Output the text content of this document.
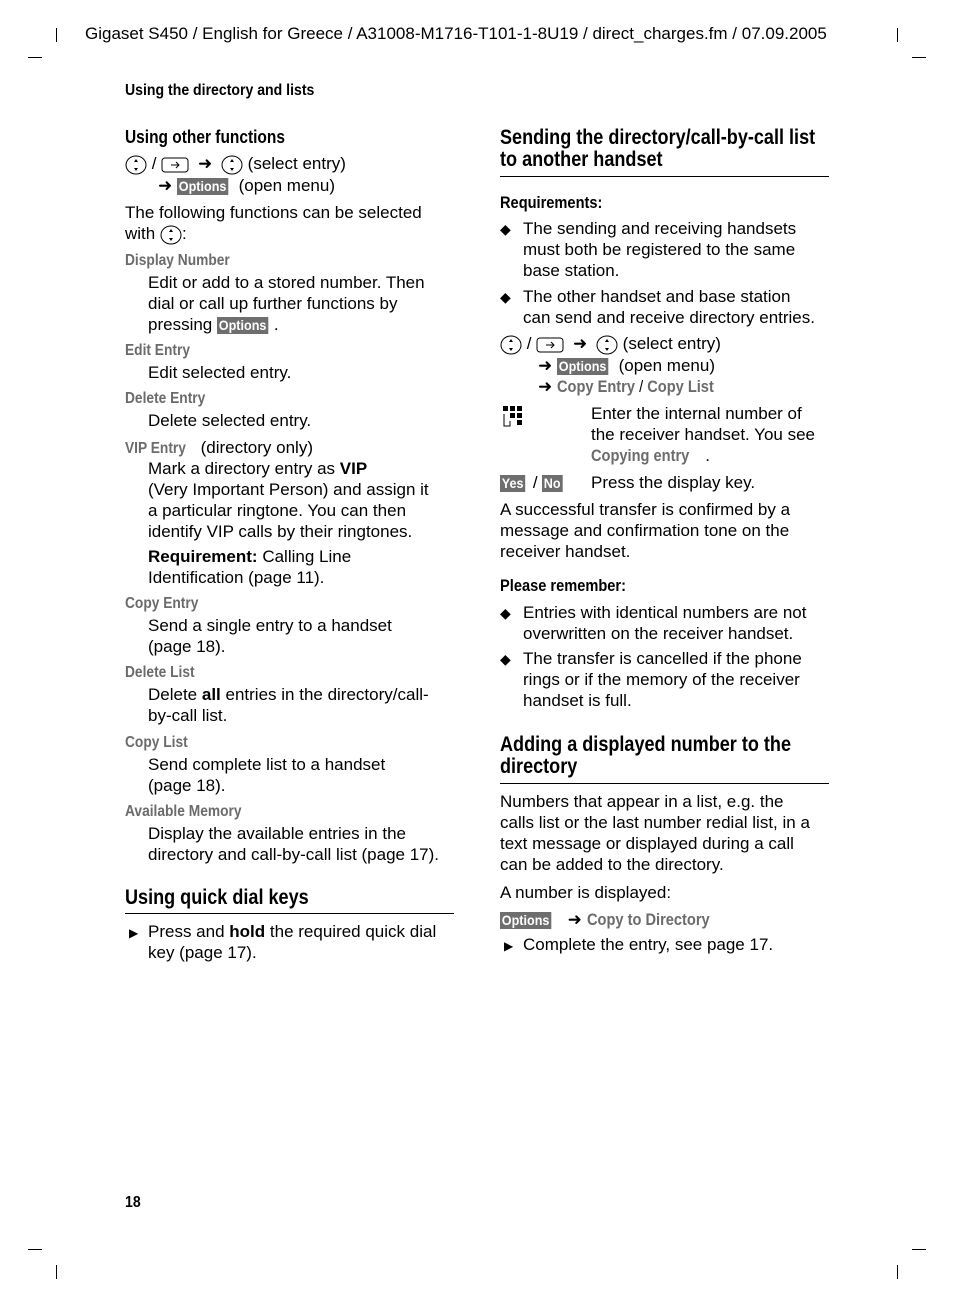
Gigaset S450 / English for Greece / A31008-M1716-T101-1-8U19 / direct_charges.fm / 07.09.2005
Using the directory and lists
Using other functions
/ ➜ (select entry)
➜ Options (open menu)
The following functions can be selected
with :
Display Number
Edit or add to a stored number. Then
dial or call up further functions by
pressing Options .
Edit Entry
Edit selected entry.
Delete Entry
Delete selected entry.
VIP Entry (directory only)
Mark a directory entry as VIP
(Very Important Person) and assign it
a particular ringtone. You can then
identify VIP calls by their ringtones.
Requirement: Calling Line
Identification (page 11).
Copy Entry
Send a single entry to a handset
(page 18).
Delete List
Delete all entries in the directory/call-
by-call list.
Copy List
Send complete list to a handset
(page 18).
Available Memory
Display the available entries in the
directory and call-by-call list (page 17).
Using quick dial keys
▶ Press and hold the required quick dial
key (page 17).
Sending the directory/call-by-call list
to another handset
Requirements:
◆ The sending and receiving handsets
must both be registered to the same
base station.
◆ The other handset and base station
can send and receive directory entries.
/ ➜ (select entry)
➜ Options (open menu)
➜ Copy Entry / Copy List
Enter the internal number of
the receiver handset. You see
Copying entry .
Yes / No Press the display key.
A successful transfer is confirmed by a
message and confirmation tone on the
receiver handset.
Please remember:
◆ Entries with identical numbers are not
overwritten on the receiver handset.
◆ The transfer is cancelled if the phone
rings or if the memory of the receiver
handset is full.
Adding a displayed number to the
directory
Numbers that appear in a list, e.g. the
calls list or the last number redial list, in a
text message or displayed during a call
can be added to the directory.
A number is displayed:
Options ➜ Copy to Directory
▶ Complete the entry, see page 17.
18
